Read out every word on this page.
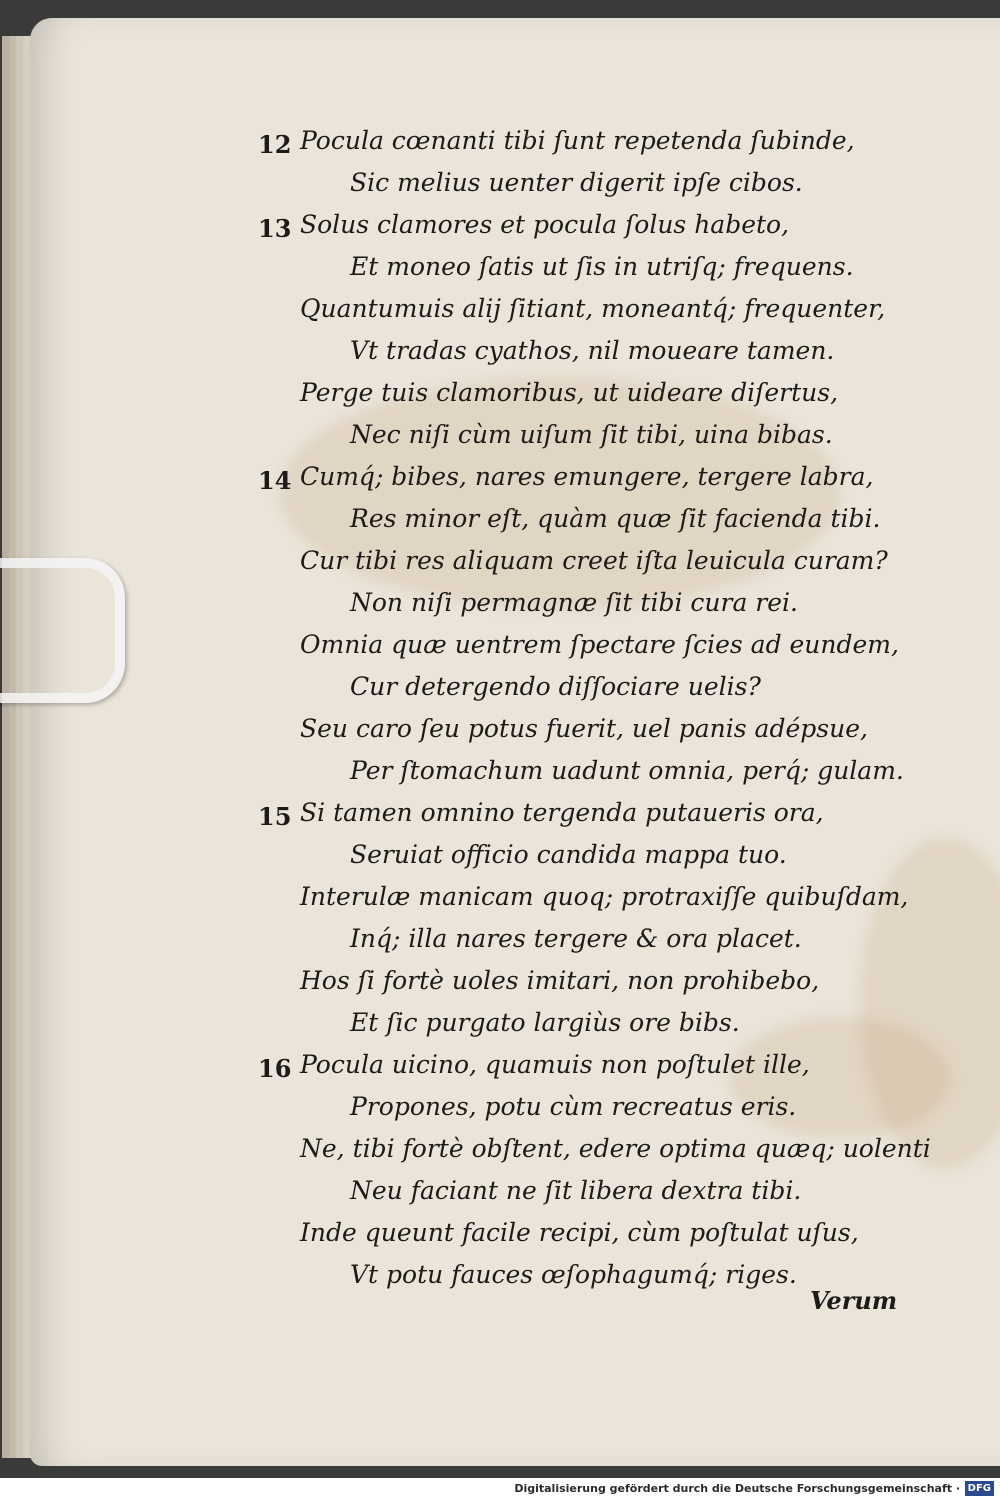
12 Pocula cœnanti tibi ſunt repetenda ſubinde,
Sic melius uenter digerit ipſe cibos.
13 Solus clamores et pocula ſolus habeto,
Et moneo ſatis ut ſis in utriſq; frequens.
Quantumuis alij ſitiant, moneantq́; frequenter,
Vt tradas cyathos, nil moueare tamen.
Perge tuis clamoribus, ut uideare diſertus,
Nec niſi cùm uiſum ſit tibi, uina bibas.
14 Cumq́; bibes, nares emungere, tergere labra,
Res minor eſt, quàm quæ ſit facienda tibi.
Cur tibi res aliquam creet iſta leuicula curam?
Non niſi permagnæ ſit tibi cura rei.
Omnia quæ uentrem ſpectare ſcies ad eundem,
Cur detergendo diſſociare uelis?
Seu caro ſeu potus fuerit, uel panis adépsue,
Per ſtomachum uadunt omnia, perq́; gulam.
15 Si tamen omnino tergenda putaueris ora,
Seruiat officio candida mappa tuo.
Interulæ manicam quoq; protraxiſſe quibuſdam,
Inq́; illa nares tergere & ora placet.
Hos ſi fortè uoles imitari, non prohibebo,
Et ſic purgato largiùs ore bibs.
16 Pocula uicino, quamuis non poſtulet ille,
Propones, potu cùm recreatus eris.
Ne, tibi fortè obſtent, edere optima quæq; uolenti
Neu faciant ne ſit libera dextra tibi.
Inde queunt facile recipi, cùm poſtulat uſus,
Vt potu fauces œſophagumq́; riges.
Verum
Digitalisierung gefördert durch die Deutsche Forschungsgemeinschaft · DFG
